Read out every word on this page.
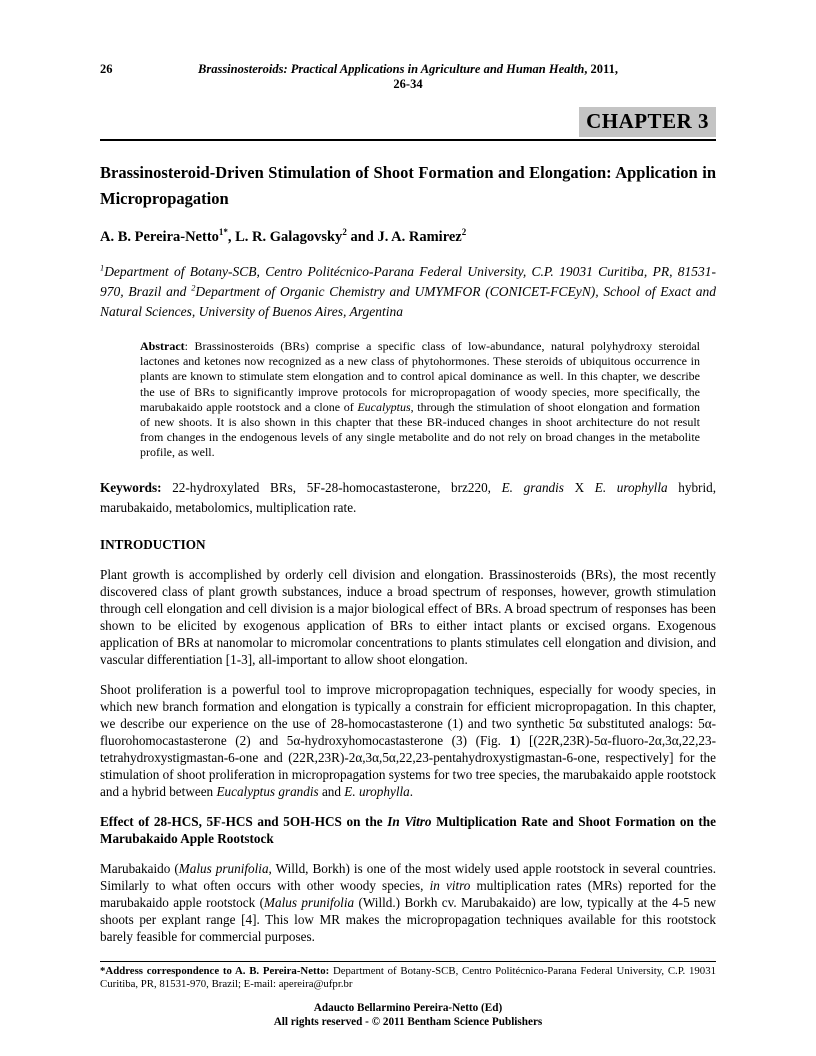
26	Brassinosteroids: Practical Applications in Agriculture and Human Health, 2011, 26-34
CHAPTER 3
Brassinosteroid-Driven Stimulation of Shoot Formation and Elongation: Application in Micropropagation

A. B. Pereira-Netto$^{1*}$, L. R. Galagovsky$^2$ and J. A. Ramirez$^2$

$^1$Department of Botany-SCB, Centro Politécnico-Parana Federal University, C.P. 19031 Curitiba, PR, 81531-970, Brazil and $^2$Department of Organic Chemistry and UMYMFOR (CONICET-FCEyN), School of Exact and Natural Sciences, University of Buenos Aires, Argentina

Abstract: Brassinosteroids (BRs) comprise a specific class of low-abundance, natural polyhydroxy steroidal lactones and ketones now recognized as a new class of phytohormones. These steroids of ubiquitous occurrence in plants are known to stimulate stem elongation and to control apical dominance as well. In this chapter, we describe the use of BRs to significantly improve protocols for micropropagation of woody species, more specifically, the marubakaido apple rootstock and a clone of Eucalyptus, through the stimulation of shoot elongation and formation of new shoots. It is also shown in this chapter that these BR-induced changes in shoot architecture do not result from changes in the endogenous levels of any single metabolite and do not rely on broad changes in the metabolite profile, as well.

Keywords: 22-hydroxylated BRs, 5F-28-homocastasterone, brz220, E. grandis X E. urophylla hybrid, marubakaido, metabolomics, multiplication rate.

INTRODUCTION

Plant growth is accomplished by orderly cell division and elongation. Brassinosteroids (BRs), the most recently discovered class of plant growth substances, induce a broad spectrum of responses, however, growth stimulation through cell elongation and cell division is a major biological effect of BRs. A broad spectrum of responses has been shown to be elicited by exogenous application of BRs to either intact plants or excised organs. Exogenous application of BRs at nanomolar to micromolar concentrations to plants stimulates cell elongation and division, and vascular differentiation [1-3], all-important to allow shoot elongation.

Shoot proliferation is a powerful tool to improve micropropagation techniques, especially for woody species, in which new branch formation and elongation is typically a constrain for efficient micropropagation. In this chapter, we describe our experience on the use of 28-homocastasterone (1) and two synthetic 5α substituted analogs: 5α-fluorohomocastasterone (2) and 5α-hydroxyhomocastasterone (3) (Fig. 1) [(22R,23R)-5α-fluoro-2α,3α,22,23-tetrahydroxystigmastan-6-one and (22R,23R)-2α,3α,5α,22,23-pentahydroxystigmastan-6-one, respectively] for the stimulation of shoot proliferation in micropropagation systems for two tree species, the marubakaido apple rootstock and a hybrid between Eucalyptus grandis and E. urophylla.

Effect of 28-HCS, 5F-HCS and 5OH-HCS on the In Vitro Multiplication Rate and Shoot Formation on the Marubakaido Apple Rootstock

Marubakaido (Malus prunifolia, Willd, Borkh) is one of the most widely used apple rootstock in several countries. Similarly to what often occurs with other woody species, in vitro multiplication rates (MRs) reported for the marubakaido apple rootstock (Malus prunifolia (Willd.) Borkh cv. Marubakaido) are low, typically at the 4-5 new shoots per explant range [4]. This low MR makes the micropropagation techniques available for this rootstock barely feasible for commercial purposes.

*Address correspondence to A. B. Pereira-Netto: Department of Botany-SCB, Centro Politécnico-Parana Federal University, C.P. 19031 Curitiba, PR, 81531-970, Brazil; E-mail: apereira@ufpr.br

Adaucto Bellarmino Pereira-Netto (Ed)

All rights reserved - © 2011 Bentham Science Publishers
